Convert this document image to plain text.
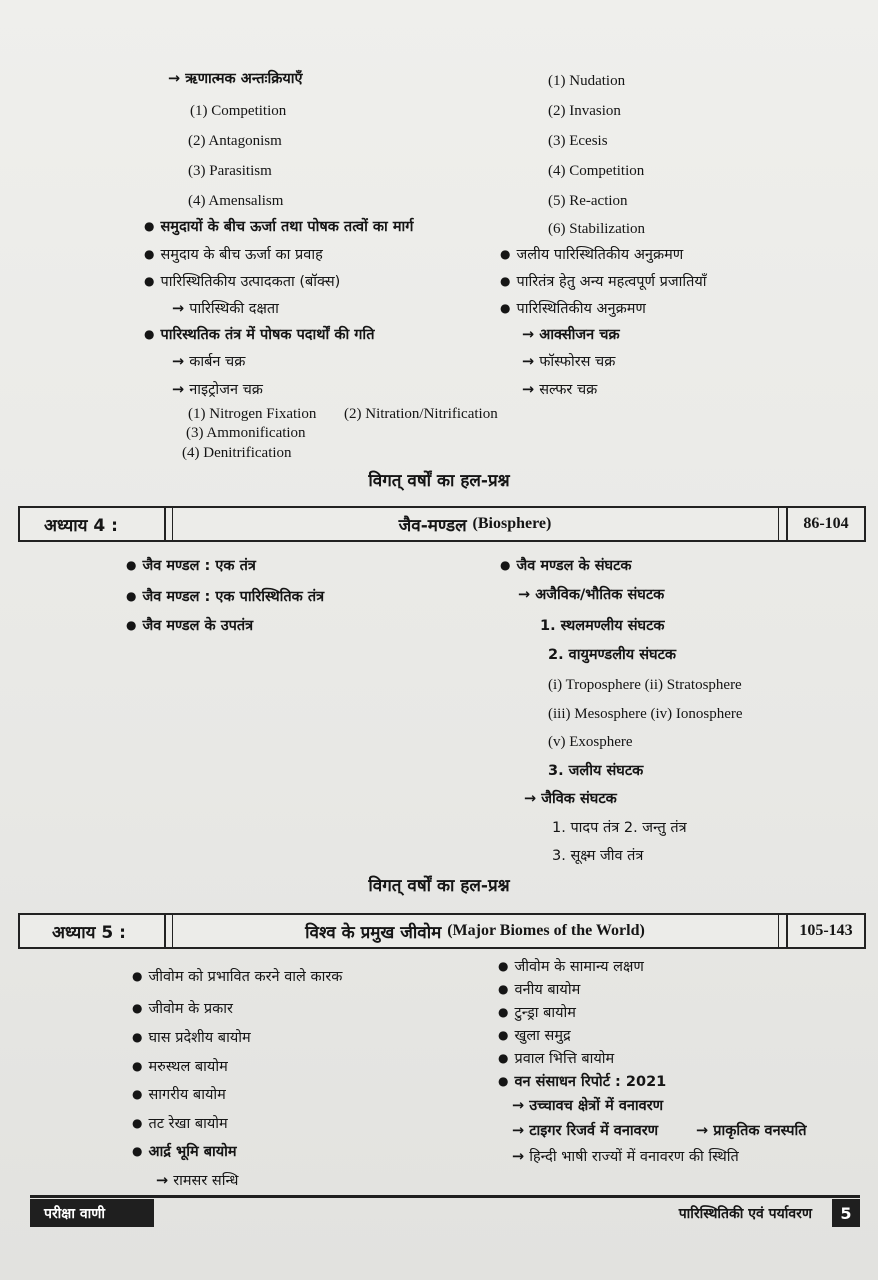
→ ऋणात्मक अन्तःक्रियाएँ
(1) Competition
(2) Antagonism
(3) Parasitism
(4) Amensalism
● समुदायों के बीच ऊर्जा तथा पोषक तत्वों का मार्ग
● समुदाय के बीच ऊर्जा का प्रवाह
● पारिस्थितिकीय उत्पादकता (बॉक्स)
→ पारिस्थिकी दक्षता
● पारिस्थतिक तंत्र में पोषक पदार्थों की गति
→ कार्बन चक्र
→ नाइट्रोजन चक्र
(1) Nitrogen Fixation (2) Nitration/Nitrification
(3) Ammonification
(4) Denitrification
(1) Nudation
(2) Invasion
(3) Ecesis
(4) Competition
(5) Re-action
(6) Stabilization
● जलीय पारिस्थितिकीय अनुक्रमण
● पारितंत्र हेतु अन्य महत्वपूर्ण प्रजातियाँ
● पारिस्थितिकीय अनुक्रमण
→ आक्सीजन चक्र
→ फॉस्फोरस चक्र
→ सल्फर चक्र
विगत् वर्षों का हल-प्रश्न
अध्याय 4 :	जैव-मण्डल
(Biosphere)	86-104
● जैव मण्डल : एक तंत्र
● जैव मण्डल : एक पारिस्थितिक तंत्र
● जैव मण्डल के उपतंत्र
● जैव मण्डल के संघटक
→ अजैविक/भौतिक संघटक
1. स्थलमण्लीय संघटक
2. वायुमण्डलीय संघटक
(i) Troposphere (ii) Stratosphere
(iii) Mesosphere (iv) Ionosphere
(v) Exosphere
3. जलीय संघटक
→ जैविक संघटक
1. पादप तंत्र 2. जन्तु तंत्र
3. सूक्ष्म जीव तंत्र
विगत् वर्षों का हल-प्रश्न
अध्याय 5 :	विश्व के प्रमुख जीवोम
(Major Biomes of the World)	105-143
● जीवोम को प्रभावित करने वाले कारक
● जीवोम के प्रकार
● घास प्रदेशीय बायोम
● मरुस्थल बायोम
● सागरीय बायोम
● तट रेखा बायोम
● आर्द्र भूमि बायोम
→ रामसर सन्धि
● जीवोम के सामान्य लक्षण
● वनीय बायोम
● टुन्ड्रा बायोम
● खुला समुद्र
● प्रवाल भित्ति बायोम
● वन संसाधन रिपोर्ट : 2021
→ उच्चावच क्षेत्रों में वनावरण
→ टाइगर रिजर्व में वनावरण
→	प्राकृतिक वनस्पति
→ हिन्दी भाषी राज्यों में वनावरण की स्थिति
परीक्षा वाणी	पारिस्थितिकी एवं पर्यावरण	5
